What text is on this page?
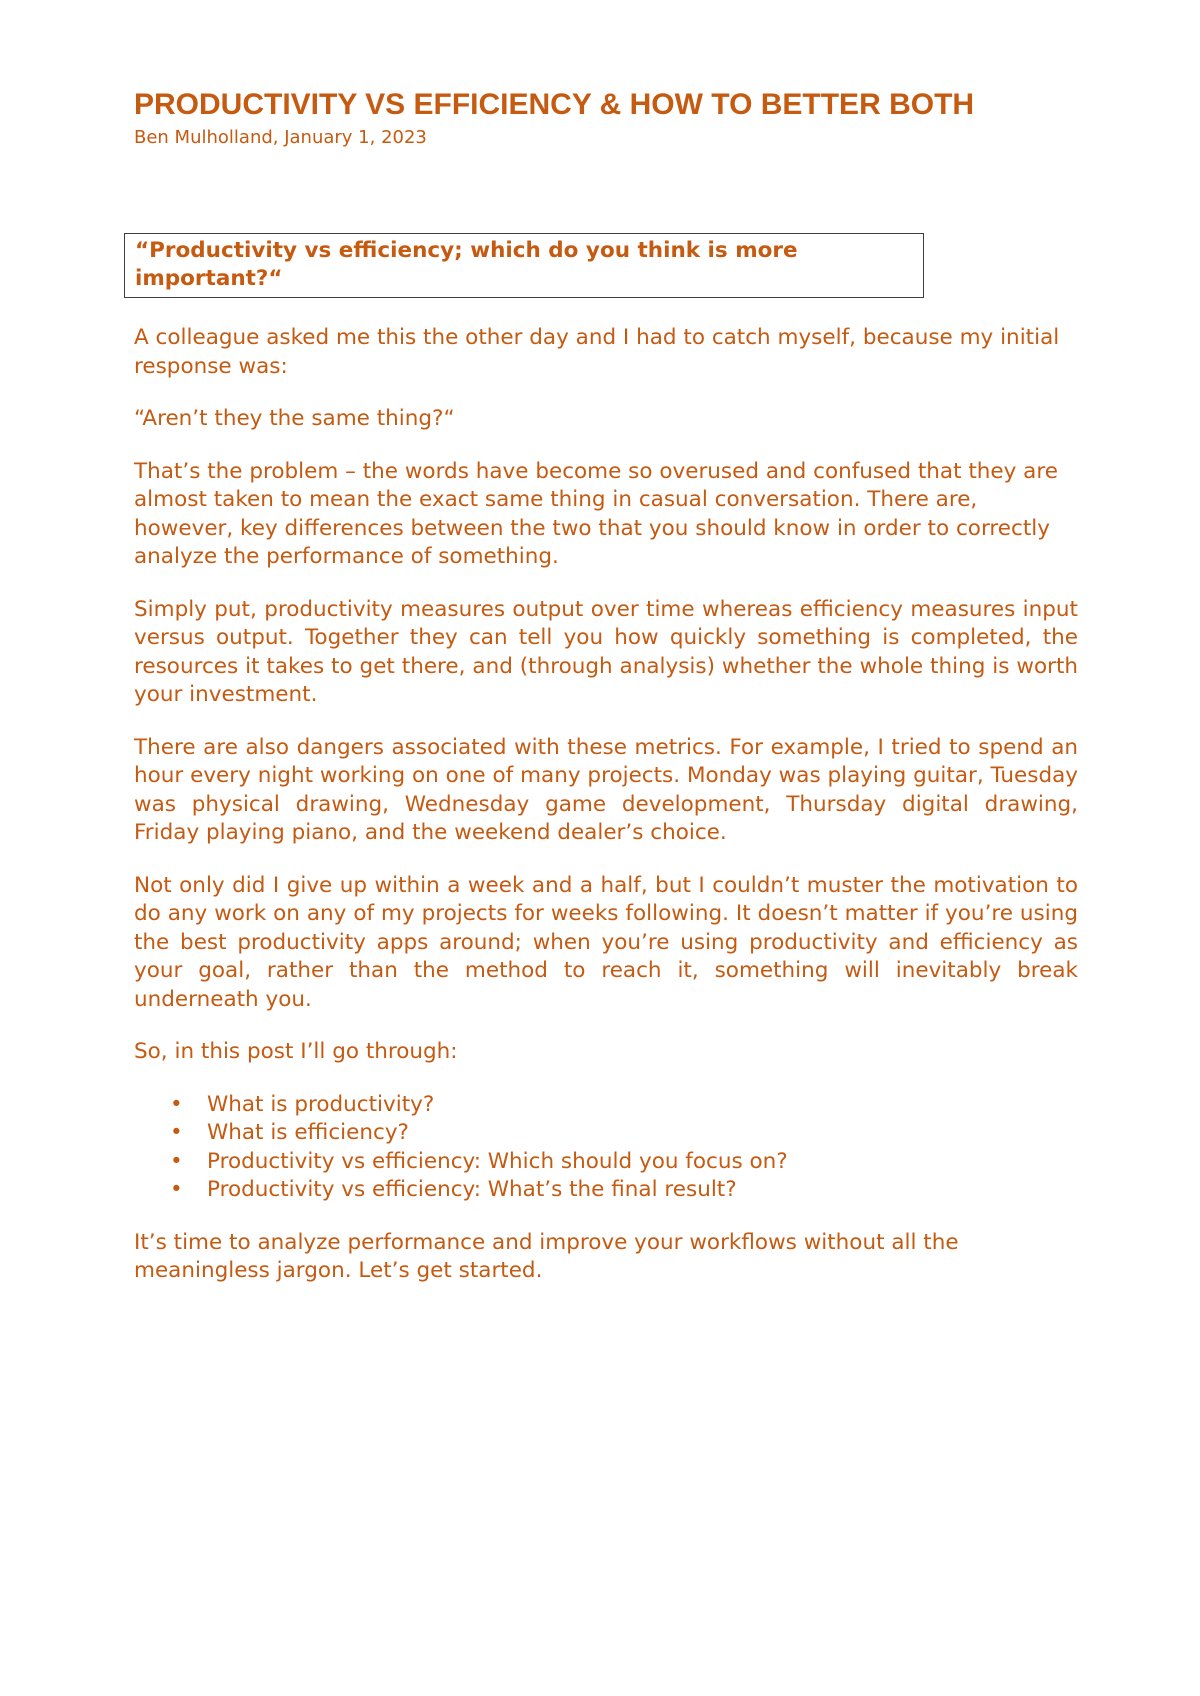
PRODUCTIVITY VS EFFICIENCY & HOW TO BETTER BOTH
Ben Mulholland, January 1, 2023
“Productivity vs efficiency; which do you think is more important?“

A colleague asked me this the other day and I had to catch myself, because my initial response was:

“Aren’t they the same thing?“

That’s the problem – the words have become so overused and confused that they are almost taken to mean the exact same thing in casual conversation. There are, however, key differences between the two that you should know in order to correctly analyze the performance of something.

Simply put, productivity measures output over time whereas efficiency measures input versus output. Together they can tell you how quickly something is completed, the resources it takes to get there, and (through analysis) whether the whole thing is worth your investment.

There are also dangers associated with these metrics. For example, I tried to spend an hour every night working on one of many projects. Monday was playing guitar, Tuesday was physical drawing, Wednesday game development, Thursday digital drawing, Friday playing piano, and the weekend dealer’s choice.

Not only did I give up within a week and a half, but I couldn’t muster the motivation to do any work on any of my projects for weeks following. It doesn’t matter if you’re using the best productivity apps around; when you’re using productivity and efficiency as your goal, rather than the method to reach it, something will inevitably break underneath you.

So, in this post I’ll go through:

• What is productivity?
• What is efficiency?
• Productivity vs efficiency: Which should you focus on?
• Productivity vs efficiency: What’s the final result?

It’s time to analyze performance and improve your workflows without all the meaningless jargon. Let’s get started.
